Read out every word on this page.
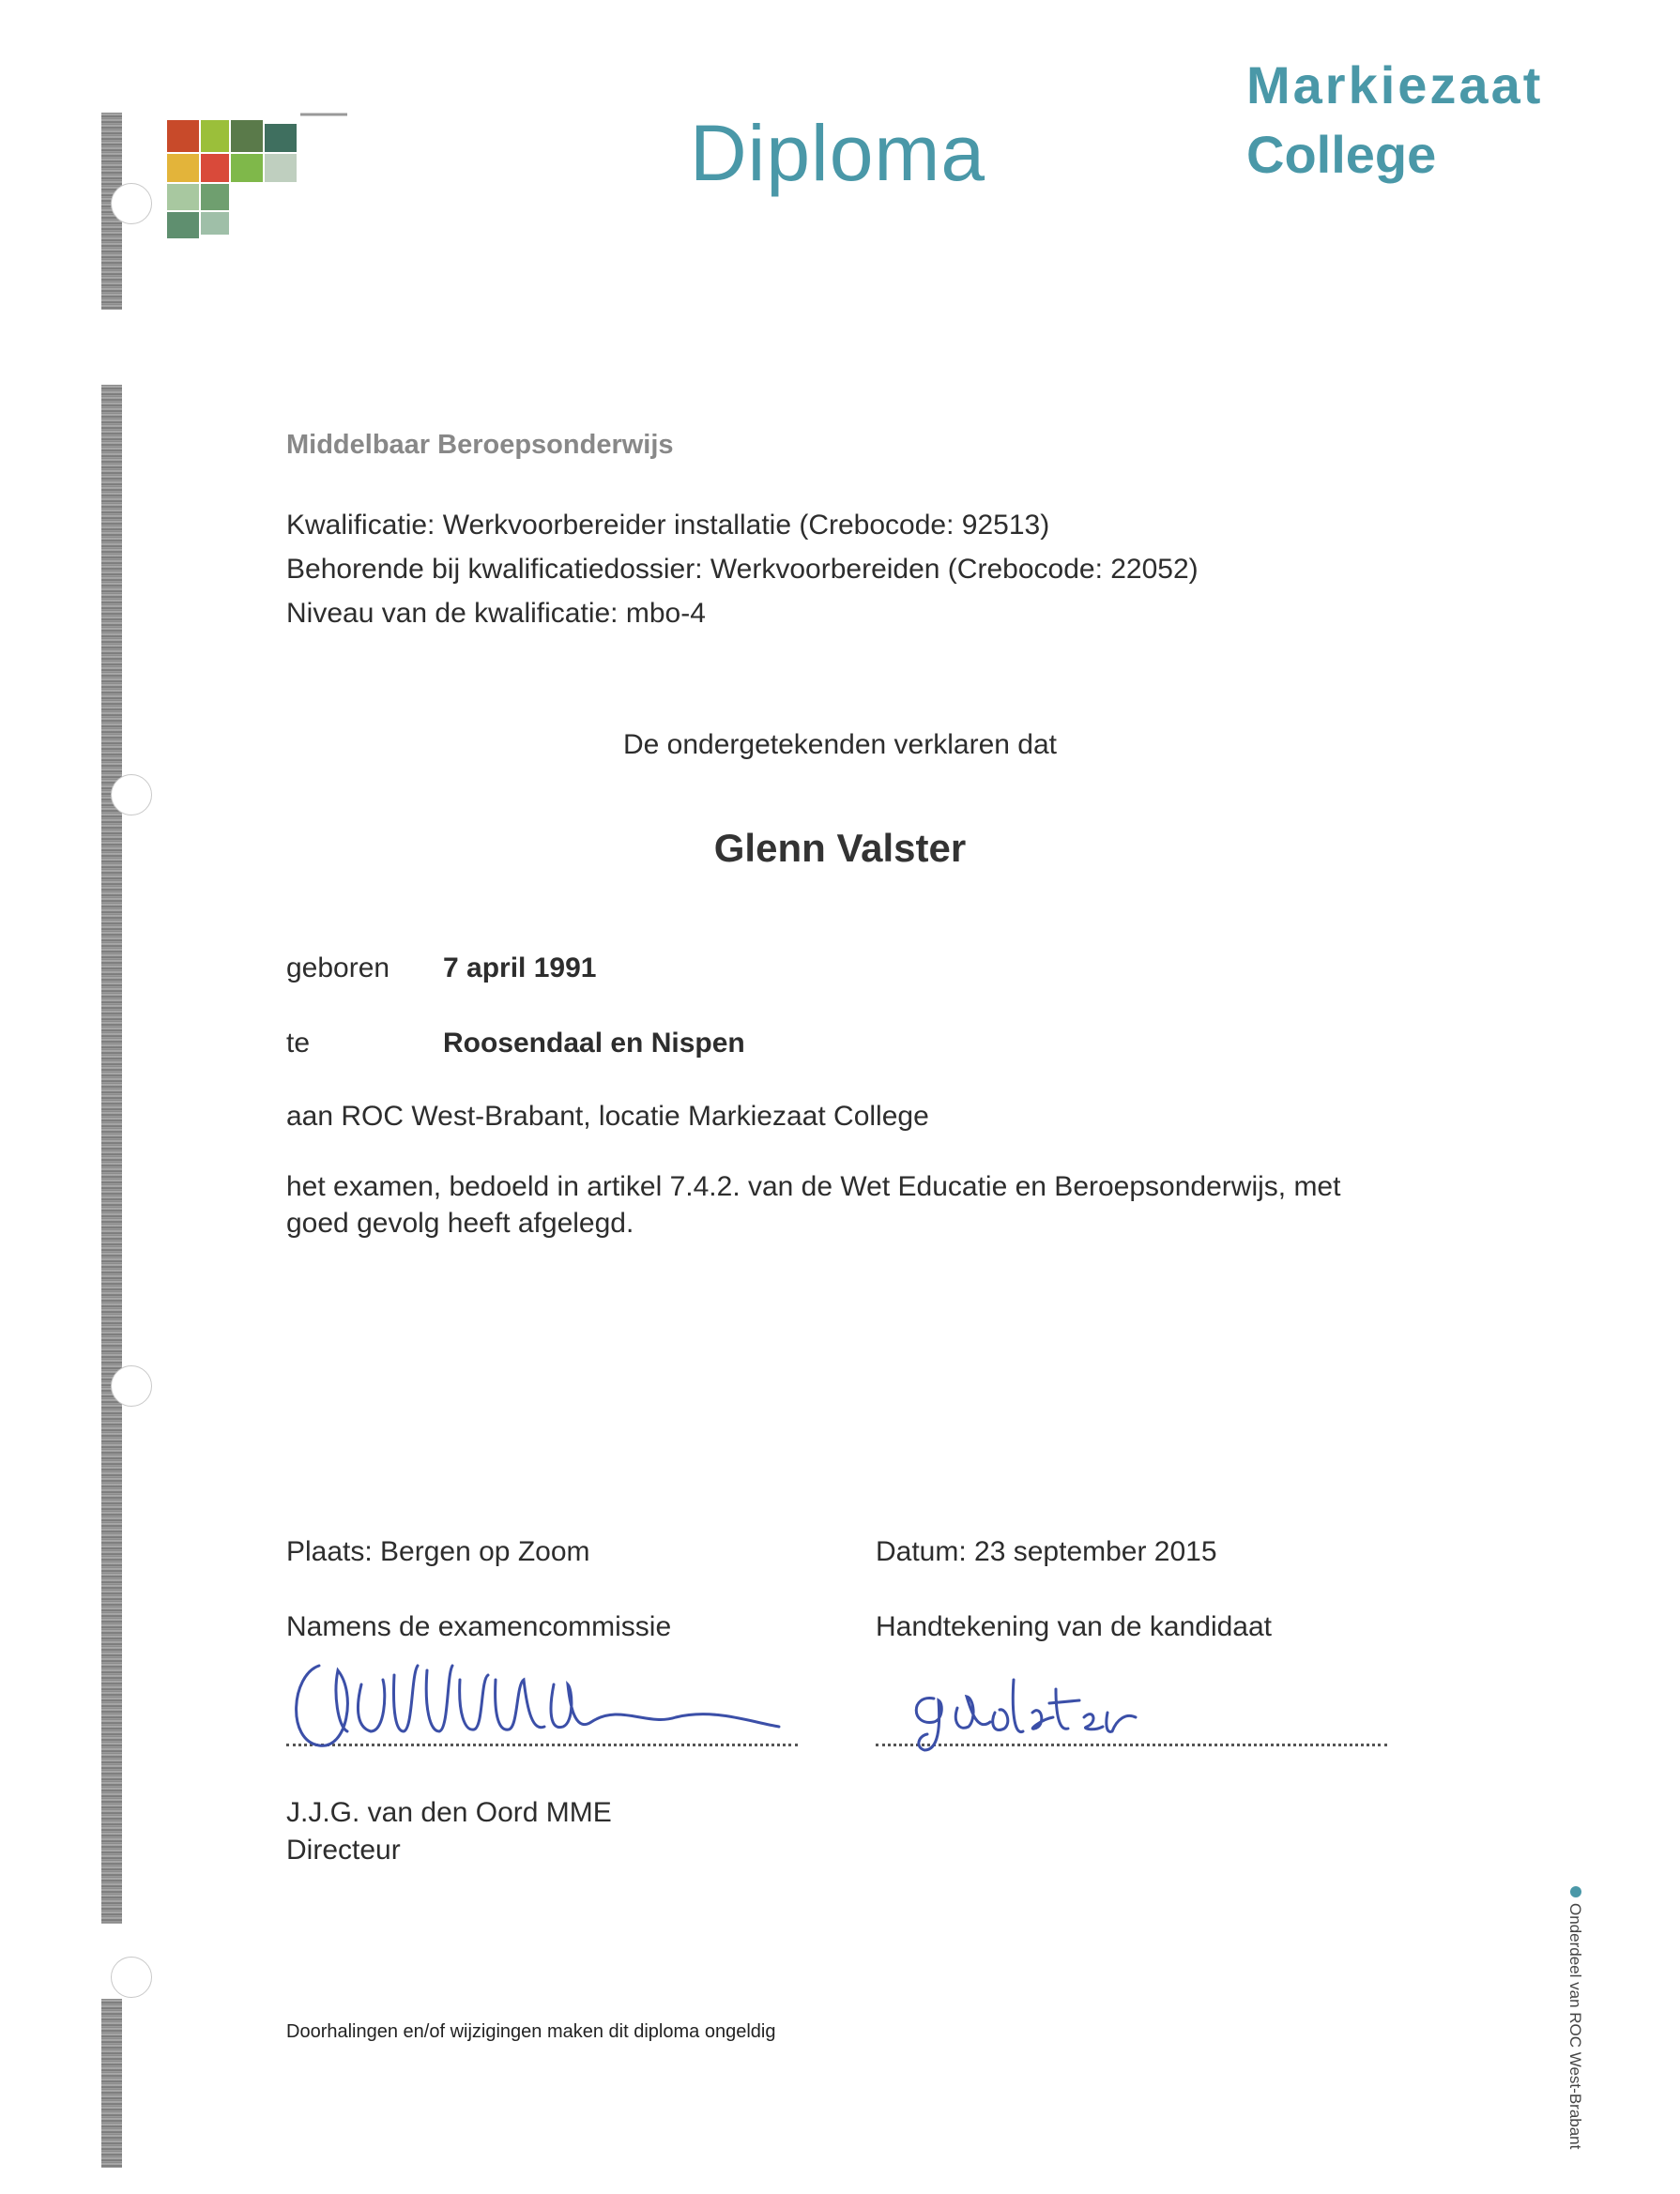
Diploma
Markiezaat
College
Middelbaar Beroepsonderwijs
Kwalificatie: Werkvoorbereider installatie (Crebocode: 92513)
Behorende bij kwalificatiedossier: Werkvoorbereiden (Crebocode: 22052)
Niveau van de kwalificatie: mbo-4
De ondergetekenden verklaren dat
Glenn Valster
geboren 7 april 1991
te	Roosendaal en Nispen
aan ROC West-Brabant, locatie Markiezaat College
het examen, bedoeld in artikel 7.4.2. van de Wet Educatie en Beroepsonderwijs, met
goed gevolg heeft afgelegd.
Plaats: Bergen op Zoom	Datum: 23 september 2015
Namens de examencommissie	Handtekening van de kandidaat
J.J.G. van den Oord MME
Directeur
Doorhalingen en/of wijzigingen maken dit diploma ongeldig	Onderdeel van ROC West-Brabant
